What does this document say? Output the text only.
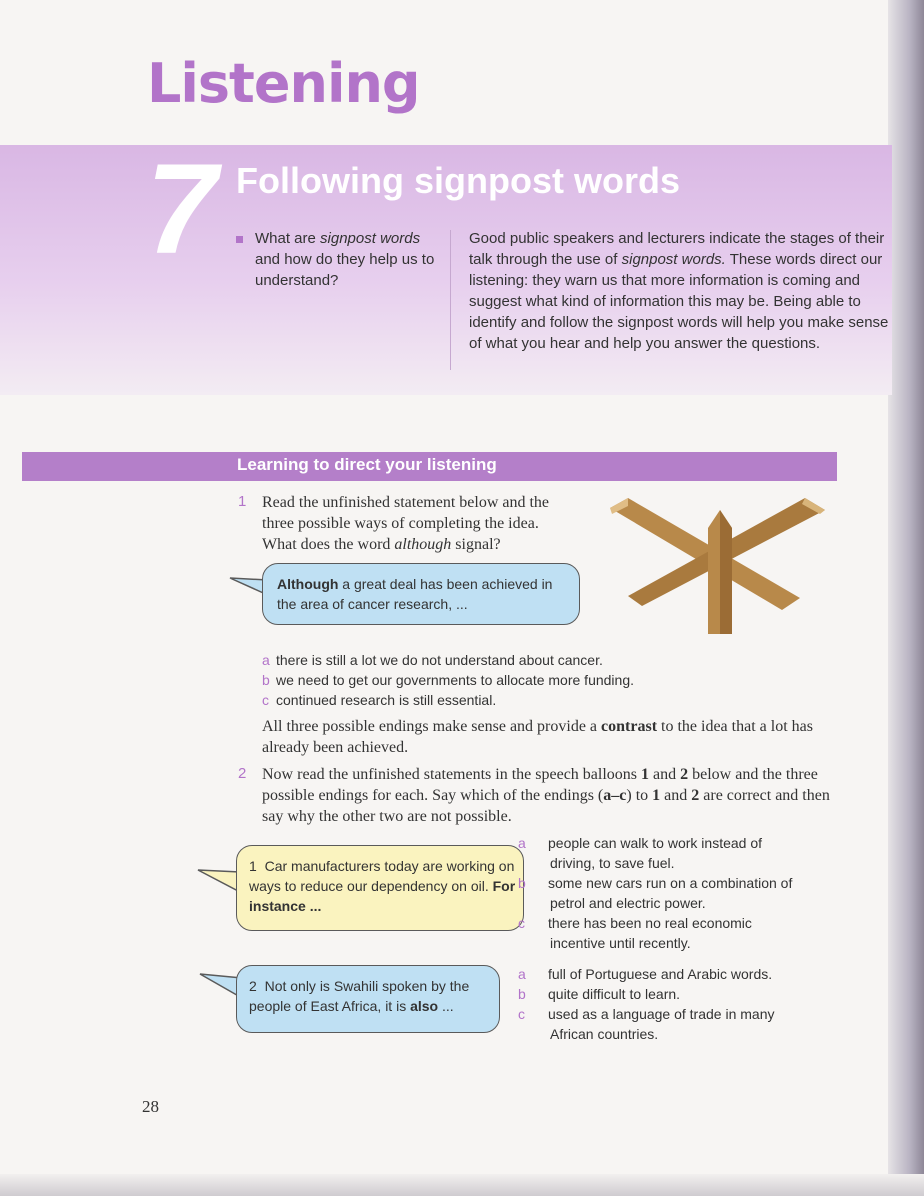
Listening
7 Following signpost words
What are signpost words and how do they help us to understand?
Good public speakers and lecturers indicate the stages of their talk through the use of signpost words. These words direct our listening: they warn us that more information is coming and suggest what kind of information this may be. Being able to identify and follow the signpost words will help you make sense of what you hear and help you answer the questions.
Learning to direct your listening
1 Read the unfinished statement below and the three possible ways of completing the idea. What does the word although signal?
Although a great deal has been achieved in the area of cancer research, ...
a there is still a lot we do not understand about cancer.
b we need to get our governments to allocate more funding.
c continued research is still essential.
All three possible endings make sense and provide a contrast to the idea that a lot has already been achieved.
2 Now read the unfinished statements in the speech balloons 1 and 2 below and the three possible endings for each. Say which of the endings (a–c) to 1 and 2 are correct and then say why the other two are not possible.
1 Car manufacturers today are working on ways to reduce our dependency on oil. For instance ...
a people can walk to work instead of driving, to save fuel.
b some new cars run on a combination of petrol and electric power.
c there has been no real economic incentive until recently.
2 Not only is Swahili spoken by the people of East Africa, it is also ...
a full of Portuguese and Arabic words.
b quite difficult to learn.
c used as a language of trade in many African countries.
28
